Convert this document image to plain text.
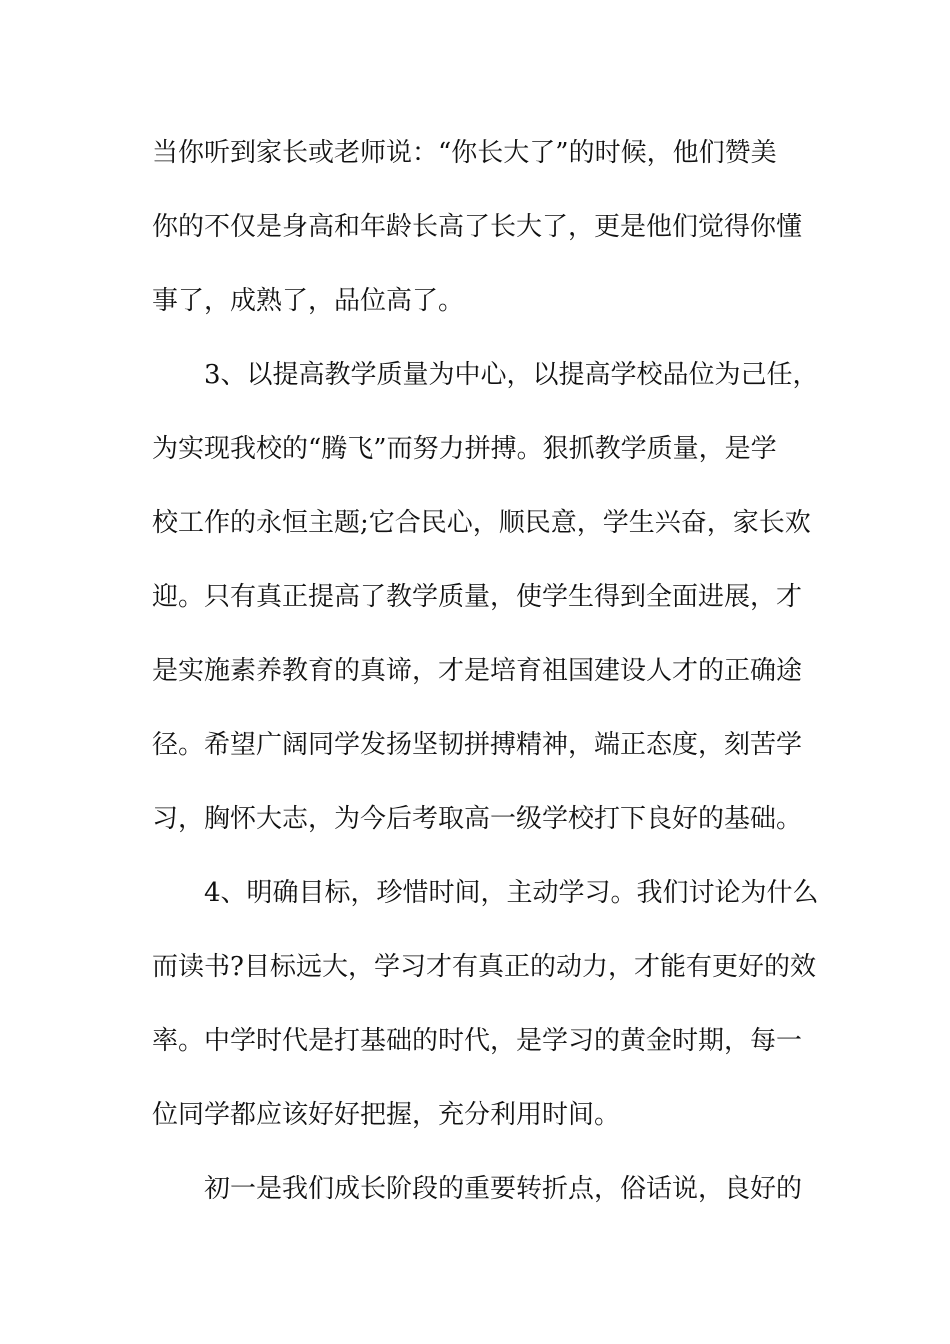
当你听到家长或老师说：“你长大了”的时候，他们赞美
你的不仅是身高和年龄长高了长大了，更是他们觉得你懂
事了，成熟了，品位高了。
3、以提高教学质量为中心，以提高学校品位为己任，
为实现我校的“腾飞”而努力拼搏。狠抓教学质量，是学
校工作的永恒主题;它合民心，顺民意，学生兴奋，家长欢
迎。只有真正提高了教学质量，使学生得到全面进展，才
是实施素养教育的真谛，才是培育祖国建设人才的正确途
径。希望广阔同学发扬坚韧拼搏精神，端正态度，刻苦学
习，胸怀大志，为今后考取高一级学校打下良好的基础。
4、明确目标，珍惜时间，主动学习。我们讨论为什么
而读书?目标远大，学习才有真正的动力，才能有更好的效
率。中学时代是打基础的时代，是学习的黄金时期，每一
位同学都应该好好把握，充分利用时间。
初一是我们成长阶段的重要转折点，俗话说，良好的
